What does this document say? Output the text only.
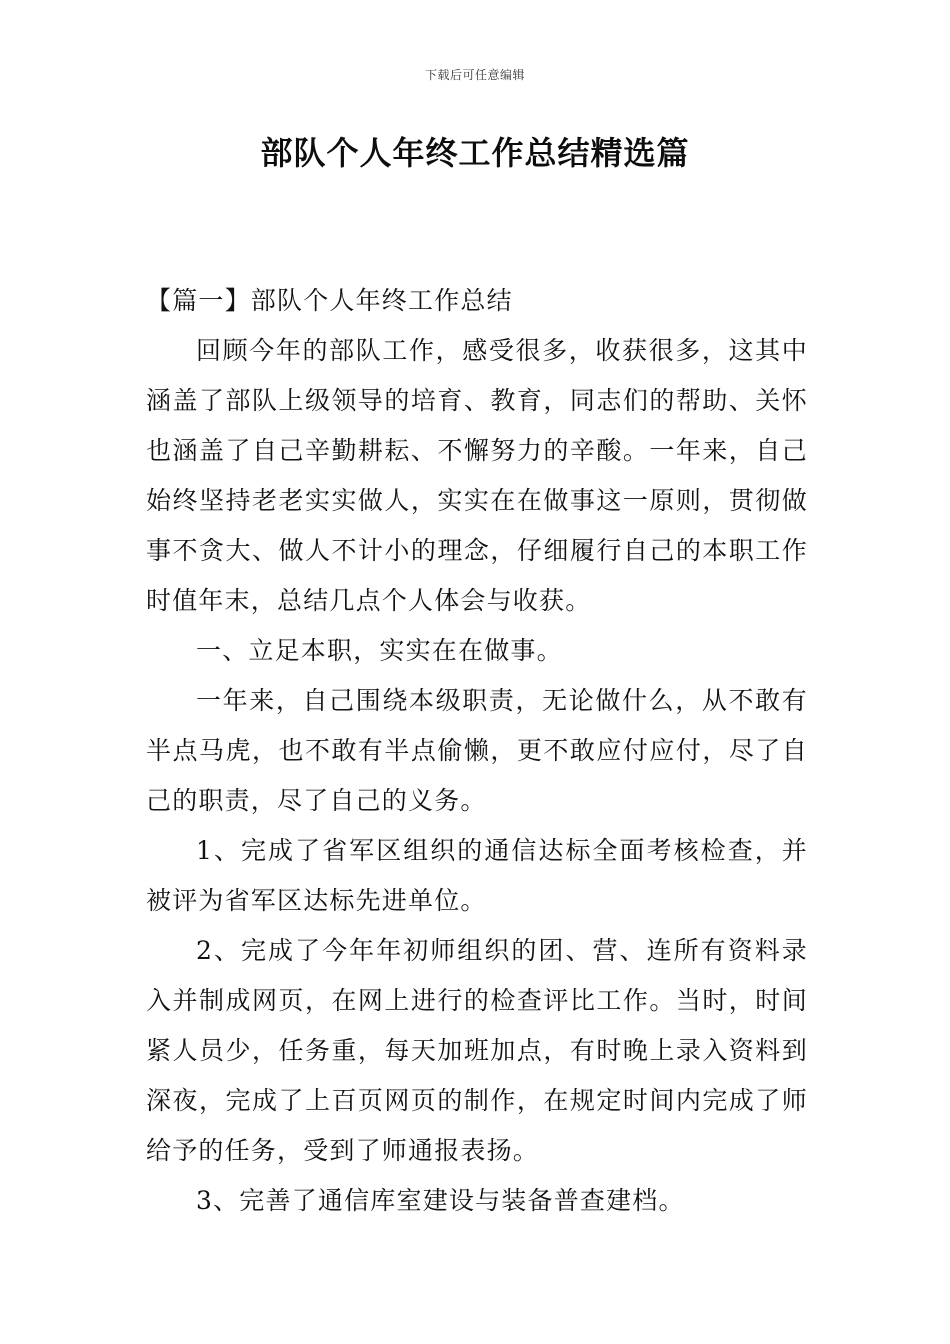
下载后可任意编辑
部队个人年终工作总结精选篇

【篇一】部队个人年终工作总结

回顾今年的部队工作，感受很多，收获很多，这其中涵盖了部队上级领导的培育、教育，同志们的帮助、关怀也涵盖了自己辛勤耕耘、不懈努力的辛酸。一年来，自己始终坚持老老实实做人，实实在在做事这一原则，贯彻做事不贪大、做人不计小的理念，仔细履行自己的本职工作时值年末，总结几点个人体会与收获。

一、立足本职，实实在在做事。

一年来，自己围绕本级职责，无论做什么，从不敢有半点马虎，也不敢有半点偷懒，更不敢应付应付，尽了自己的职责，尽了自己的义务。

1、完成了省军区组织的通信达标全面考核检查，并被评为省军区达标先进单位。

2、完成了今年年初师组织的团、营、连所有资料录入并制成网页，在网上进行的检查评比工作。当时，时间紧人员少，任务重，每天加班加点，有时晚上录入资料到深夜，完成了上百页网页的制作，在规定时间内完成了师给予的任务，受到了师通报表扬。

3、完善了通信库室建设与装备普查建档。
